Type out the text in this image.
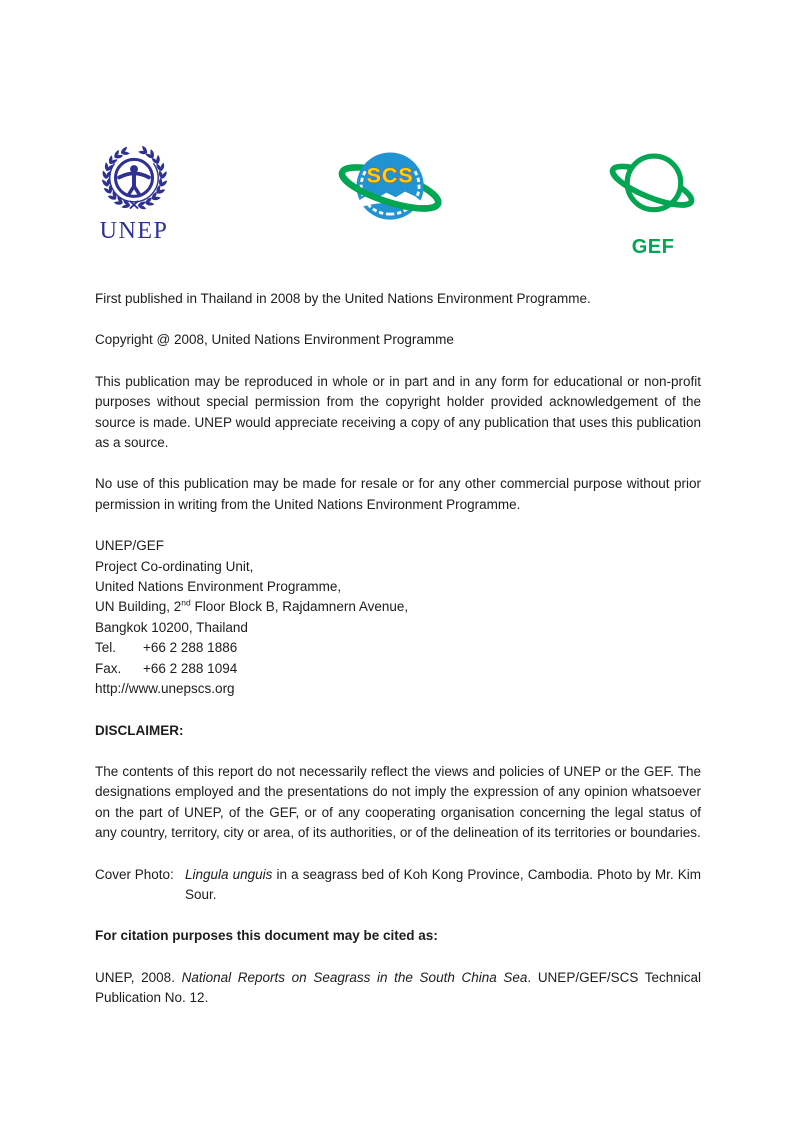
UNEP
SCS
GEF

First published in Thailand in 2008 by the United Nations Environment Programme.

Copyright @ 2008, United Nations Environment Programme

This publication may be reproduced in whole or in part and in any form for educational or non-profit purposes without special permission from the copyright holder provided acknowledgement of the source is made. UNEP would appreciate receiving a copy of any publication that uses this publication as a source.

No use of this publication may be made for resale or for any other commercial purpose without prior permission in writing from the United Nations Environment Programme.

UNEP/GEF
Project Co-ordinating Unit,
United Nations Environment Programme,
UN Building, 2nd Floor Block B, Rajdamnern Avenue,
Bangkok 10200, Thailand
Tel. +66 2 288 1886
Fax. +66 2 288 1094
http://www.unepscs.org

DISCLAIMER:

The contents of this report do not necessarily reflect the views and policies of UNEP or the GEF. The designations employed and the presentations do not imply the expression of any opinion whatsoever on the part of UNEP, of the GEF, or of any cooperating organisation concerning the legal status of any country, territory, city or area, of its authorities, or of the delineation of its territories or boundaries.

Cover Photo: Lingula unguis in a seagrass bed of Koh Kong Province, Cambodia. Photo by Mr. Kim Sour.

For citation purposes this document may be cited as:

UNEP, 2008. National Reports on Seagrass in the South China Sea. UNEP/GEF/SCS Technical Publication No. 12.
